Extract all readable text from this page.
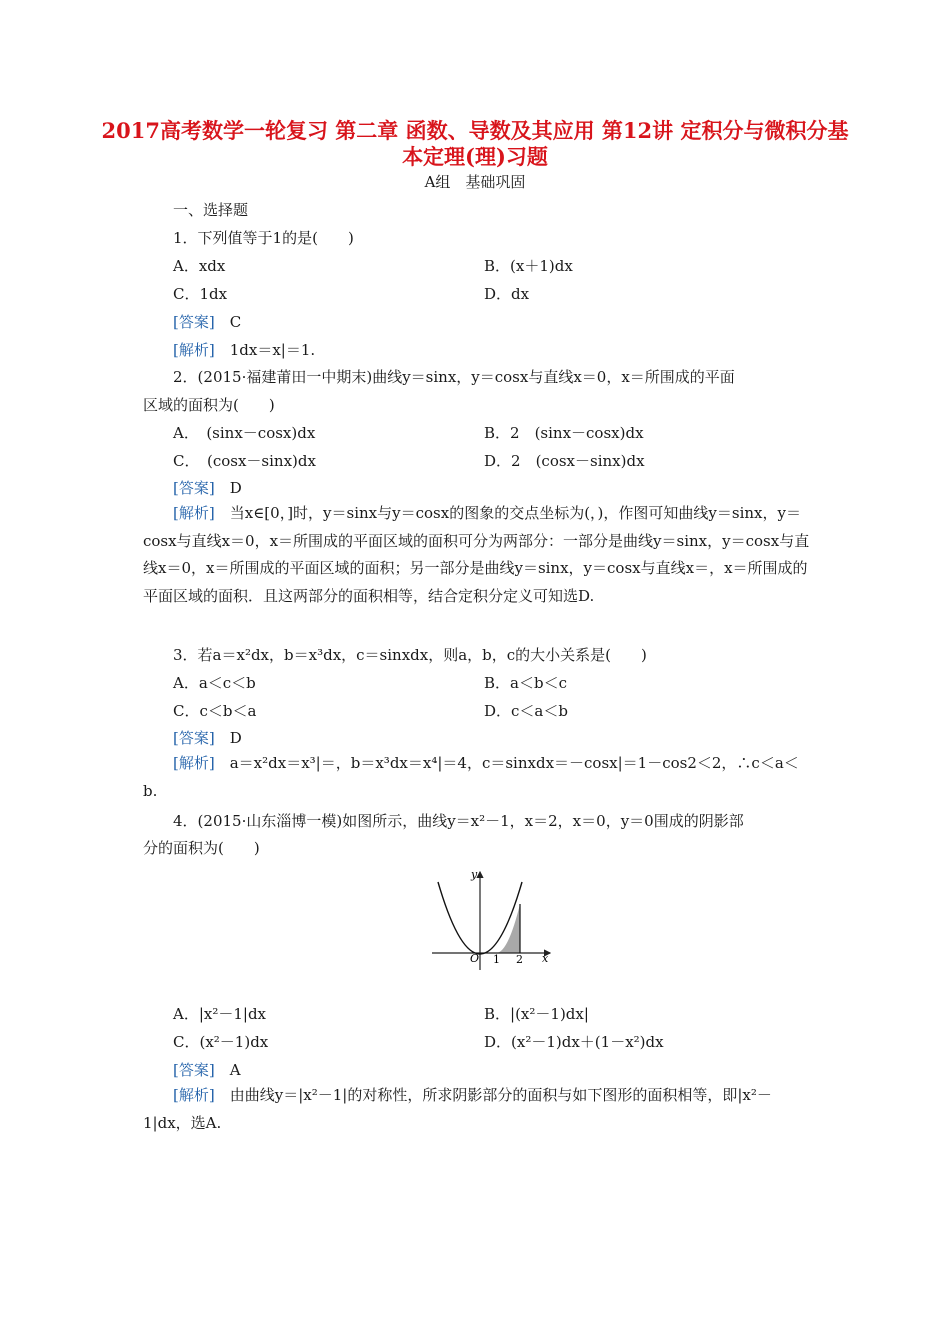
2017高考数学一轮复习 第二章 函数、导数及其应用 第12讲 定积分与微积分基本定理(理)习题
A组　基础巩固
一、选择题
1．下列值等于1的是(　　)
A．xdx	B．(x＋1)dx
C．1dx	D．dx
[答案]　 C
[解析]　 1dx＝x|＝1.
2．(2015·福建莆田一中期末)曲线y＝sinx，y＝cosx与直线x＝0，x＝所围成的平面
区域的面积为(　　)
A．　(sinx－cosx)dx	B．2　(sinx－cosx)dx
C．　(cosx－sinx)dx	D．2　(cosx－sinx)dx
[答案]　 D
[解析]　 当x∈[0，]时，y＝sinx与y＝cosx的图象的交点坐标为(，)，作图可知曲线y＝sinx，y＝cosx与直线x＝0，x＝所围成的平面区域的面积可分为两部分：一部分是曲线y＝sinx，y＝cosx与直线x＝0，x＝所围成的平面区域的面积；另一部分是曲线y＝sinx，y＝cosx与直线x＝，x＝所围成的平面区域的面积．且这两部分的面积相等，结合定积分定义可知选D.
3．若a＝x²dx，b＝x³dx，c＝sinxdx，则a，b，c的大小关系是(　　)
A．a＜c＜b	B．a＜b＜c
C．c＜b＜a	D．c＜a＜b
[答案]　 D
[解析]　 a＝x²dx＝x³|＝，b＝x³dx＝x⁴|＝4，c＝sinxdx＝－cosx|＝1－cos2＜2，∴c＜a＜b.
4．(2015·山东淄博一模)如图所示，曲线y＝x²－1，x＝2，x＝0，y＝0围成的阴影部
分的面积为(　　)
O 1 2 x
y
A．|x²－1|dx	B．|(x²－1)dx|
C．(x²－1)dx	D．(x²－1)dx＋(1－x²)dx
[答案]　 A
[解析]　 由曲线y＝|x²－1|的对称性，所求阴影部分的面积与如下图形的面积相等，即|x²－1|dx，选A.
